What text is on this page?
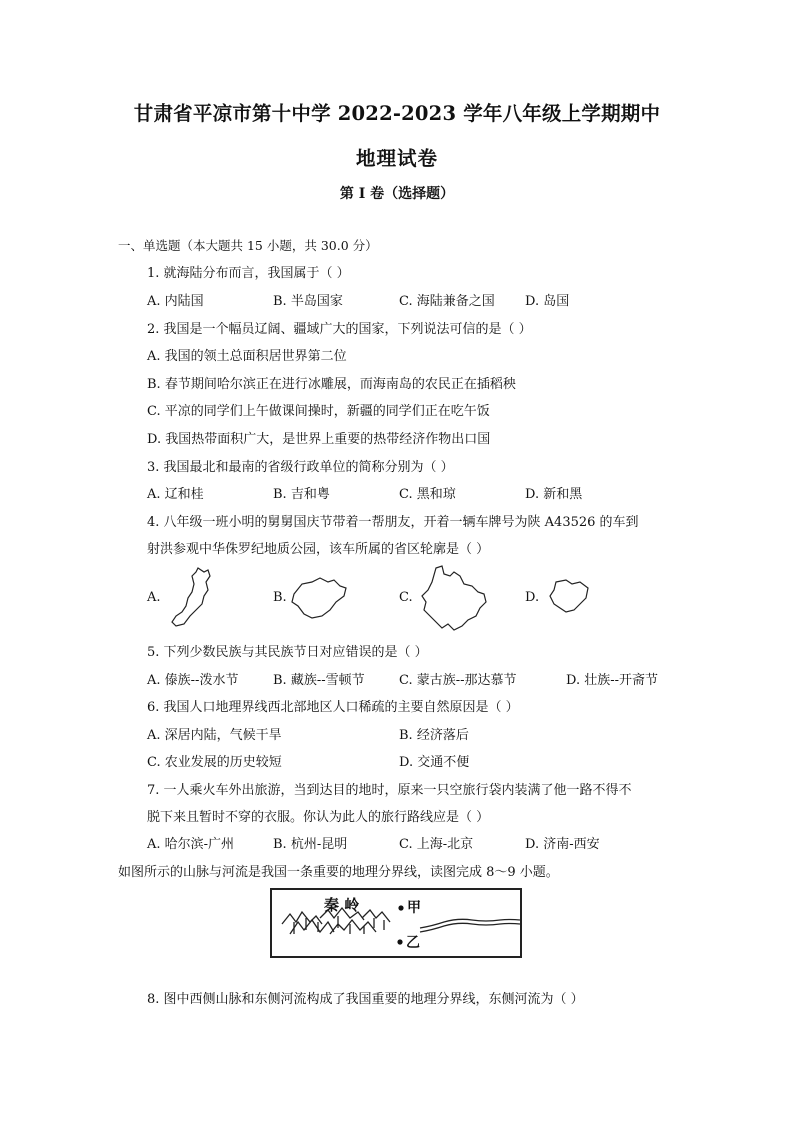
甘肃省平凉市第十中学 2022-2023 学年八年级上学期期中
地理试卷
第 I 卷（选择题）
一、单选题（本大题共 15 小题，共 30.0 分）
1. 就海陆分布而言，我国属于（ ）
A. 内陆国	B. 半岛国家	C. 海陆兼备之国 D. 岛国
2. 我国是一个幅员辽阔、疆域广大的国家，下列说法可信的是（ ）
A. 我国的领土总面积居世界第二位
B. 春节期间哈尔滨正在进行冰雕展，而海南岛的农民正在插稻秧
C. 平凉的同学们上午做课间操时，新疆的同学们正在吃午饭
D. 我国热带面积广大，是世界上重要的热带经济作物出口国
3. 我国最北和最南的省级行政单位的简称分别为（ ）
A. 辽和桂	B. 吉和粤	C. 黑和琼	D. 新和黑
4. 八年级一班小明的舅舅国庆节带着一帮朋友，开着一辆车牌号为陕 A43526 的车到
射洪参观中华侏罗纪地质公园，该车所属的省区轮廓是（ ）
A.	B.	C.	D.
5. 下列少数民族与其民族节日对应错误的是（ ）
A. 傣族--泼水节	B. 藏族--雪顿节	C. 蒙古族--那达慕节	D. 壮族--开斋节
6. 我国人口地理界线西北部地区人口稀疏的主要自然原因是（ ）
A. 深居内陆，气候干旱	B. 经济落后
C. 农业发展的历史较短	D. 交通不便
7. 一人乘火车外出旅游，当到达目的地时，原来一只空旅行袋内装满了他一路不得不
脱下来且暂时不穿的衣服。你认为此人的旅行路线应是（ ）
A. 哈尔滨-广州	B. 杭州-昆明	C. 上海-北京	D. 济南-西安
如图所示的山脉与河流是我国一条重要的地理分界线，读图完成 8～9 小题。
秦 岭	甲
乙
8. 图中西侧山脉和东侧河流构成了我国重要的地理分界线，东侧河流为（ ）
